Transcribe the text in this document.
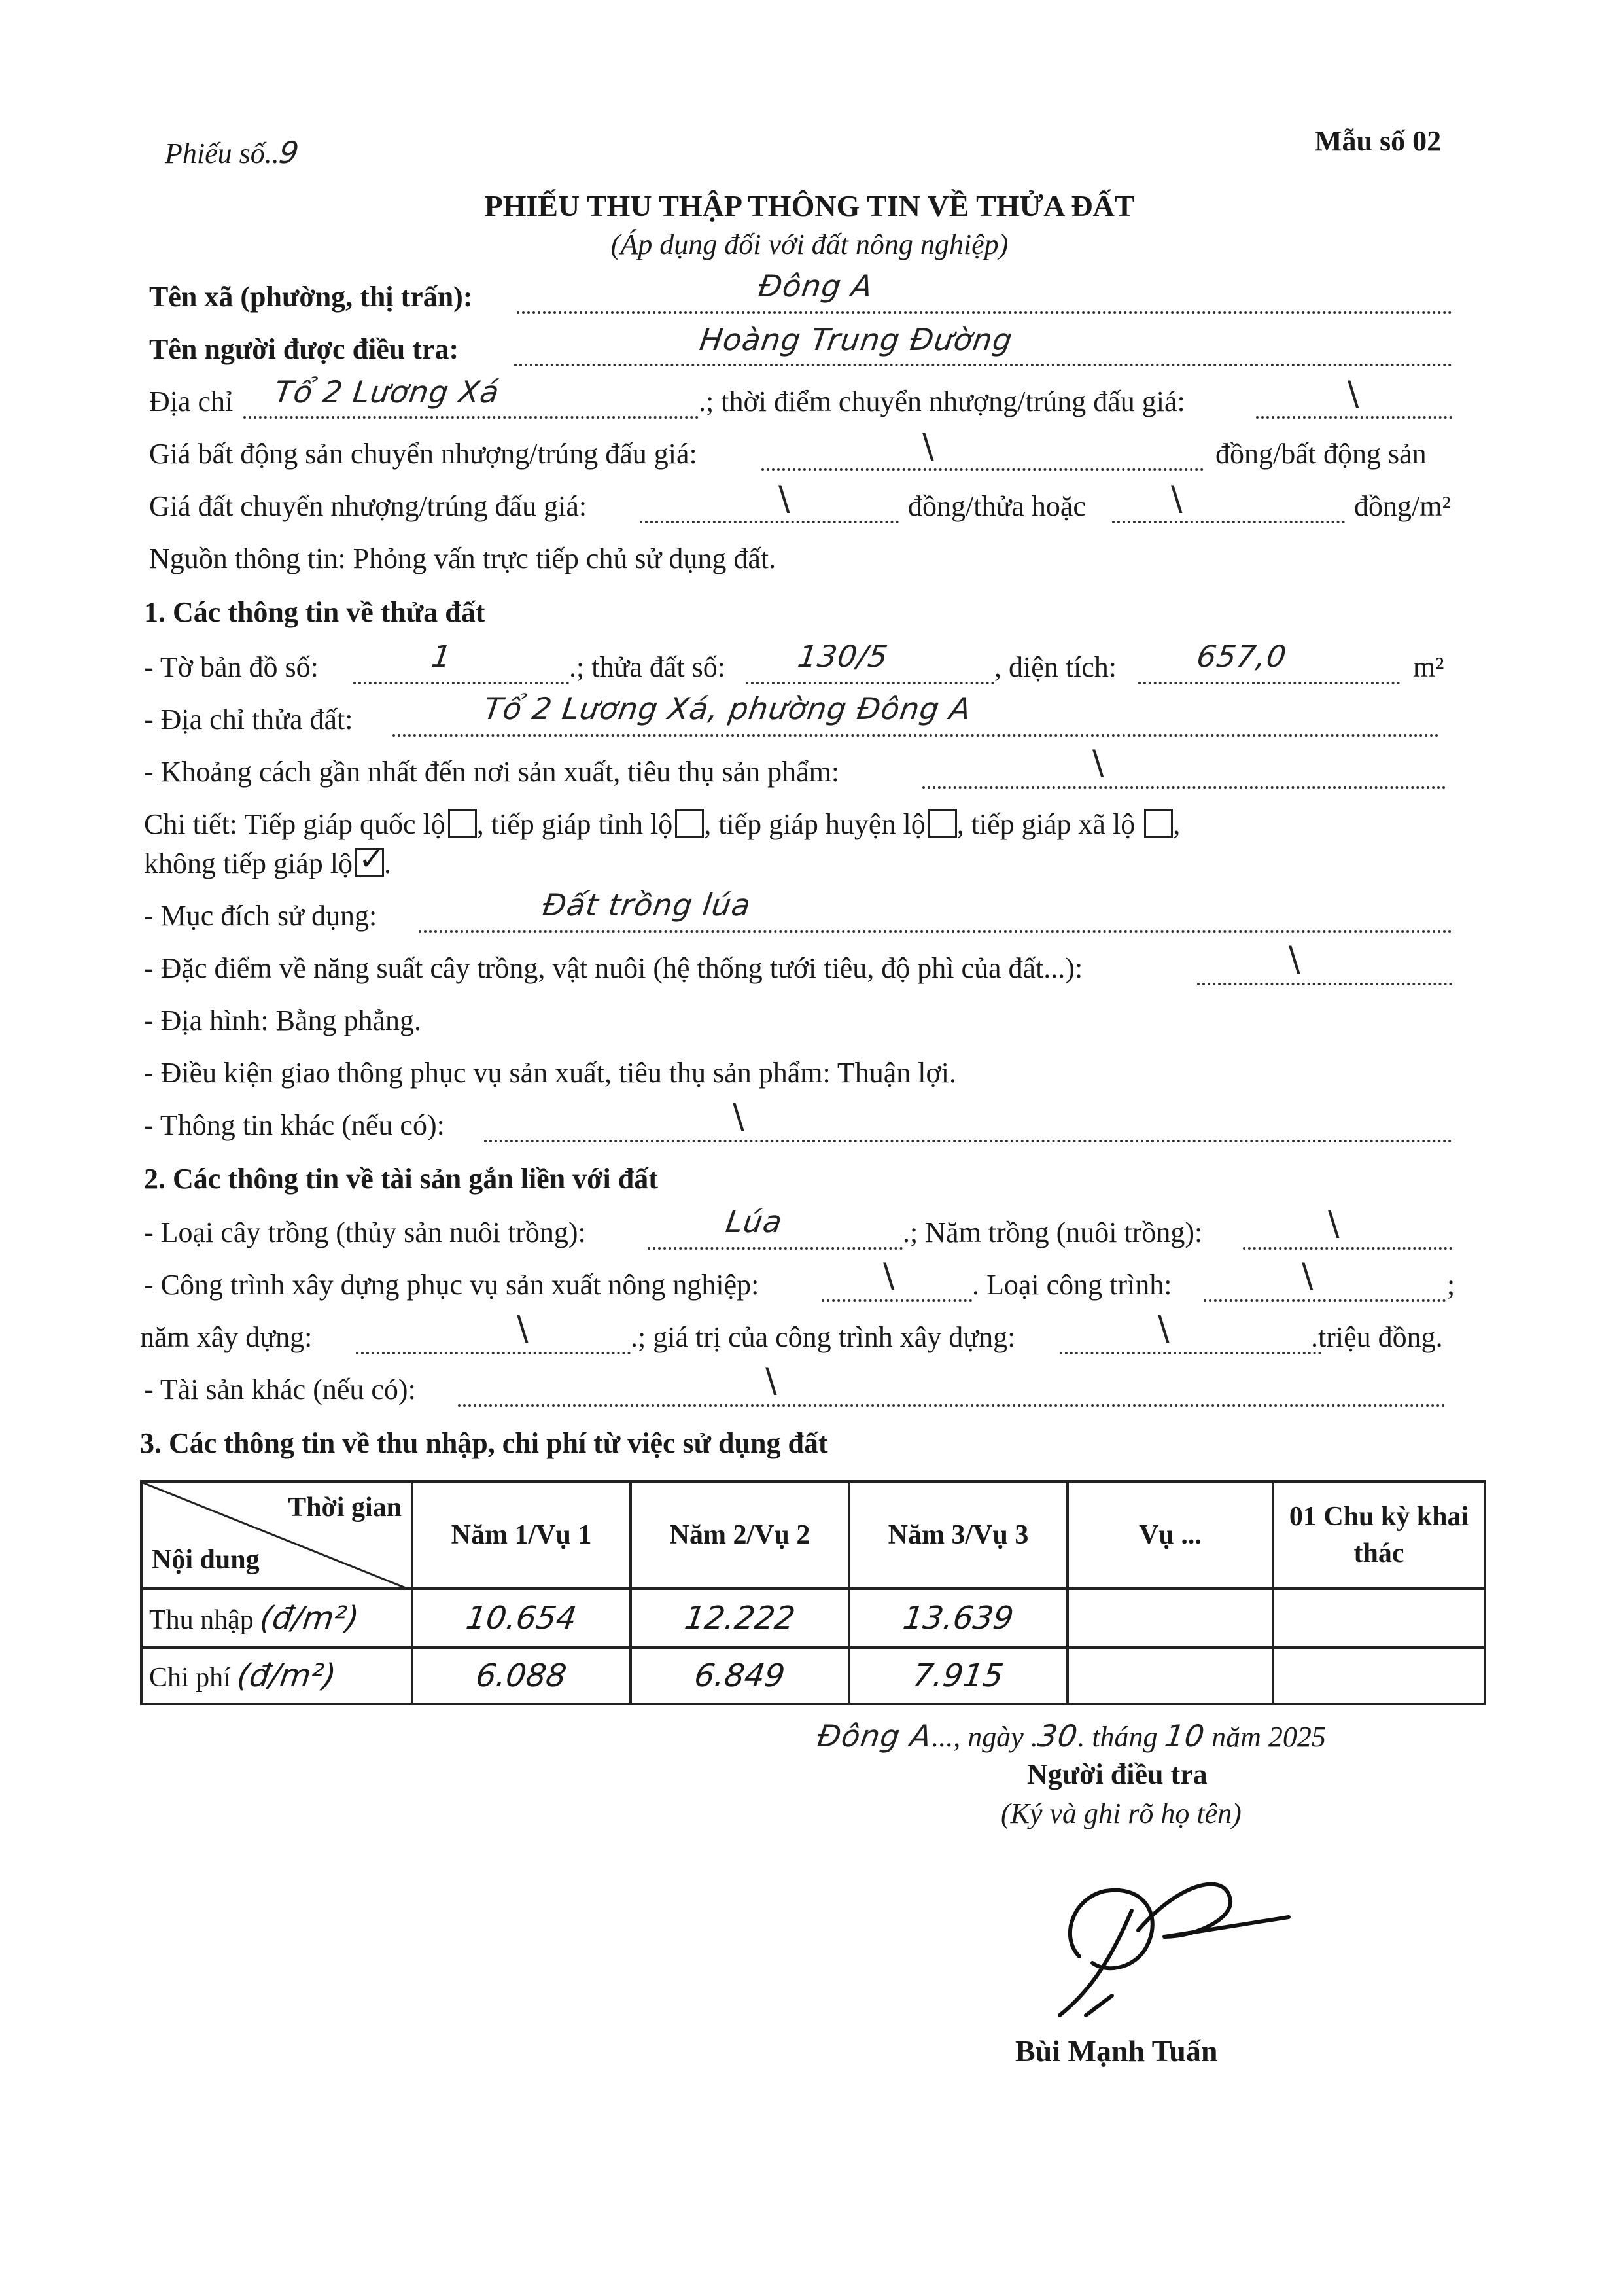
Phiếu số..9	Mẫu số 02
PHIẾU THU THẬP THÔNG TIN VỀ THỬA ĐẤT
(Áp dụng đối với đất nông nghiệp)
Tên xã (phường, thị trấn):	Đông A
Tên người được điều tra:	Hoàng Trung Đường
Địa chỉ Tổ 2 Lương Xá	.; thời điểm chuyển nhượng/trúng đấu giá:	\
Giá bất động sản chuyển nhượng/trúng đấu giá:	\	đồng/bất động sản
Giá đất chuyển nhượng/trúng đấu giá:	\	đồng/thửa hoặc	\	đồng/m²
Nguồn thông tin: Phỏng vấn trực tiếp chủ sử dụng đất.
1. Các thông tin về thửa đất
- Tờ bản đồ số:	1	.; thửa đất số: 130/5	, diện tích:	657,0	m²
- Địa chỉ thửa đất:	Tổ 2 Lương Xá, phường Đông A
- Khoảng cách gần nhất đến nơi sản xuất, tiêu thụ sản phẩm:	\
Chi tiết: Tiếp giáp quốc lộ , tiếp giáp tỉnh lộ , tiếp giáp huyện lộ , tiếp giáp xã lộ ,
không tiếp giáp lộ ✓
.
- Mục đích sử dụng:	Đất trồng lúa
- Đặc điểm về năng suất cây trồng, vật nuôi (hệ thống tưới tiêu, độ phì của đất...):	\
- Địa hình: Bằng phẳng.
- Điều kiện giao thông phục vụ sản xuất, tiêu thụ sản phẩm: Thuận lợi.
- Thông tin khác (nếu có):	\
2. Các thông tin về tài sản gắn liền với đất
- Loại cây trồng (thủy sản nuôi trồng):	Lúa	.; Năm trồng (nuôi trồng):	\
- Công trình xây dựng phục vụ sản xuất nông nghiệp:	\	. Loại công trình:	\	;
năm xây dựng:	\	.; giá trị của công trình xây dựng:	\	.triệu đồng.
- Tài sản khác (nếu có):	\
3. Các thông tin về thu nhập, chi phí từ việc sử dụng đất
Thời gian
Nội dung	Năm 1/Vụ 1	Năm 2/Vụ 2	Năm 3/Vụ 3	Vụ ...	01 Chu kỳ khai thác
Thu nhập (đ/m²)	10.654	12.222	13.639		
Chi phí (đ/m²)	6.088	6.849	7.915		
Đông A..., ngày .30. tháng 10 năm 2025
Người điều tra
(Ký và ghi rõ họ tên)
Bùi Mạnh Tuấn
